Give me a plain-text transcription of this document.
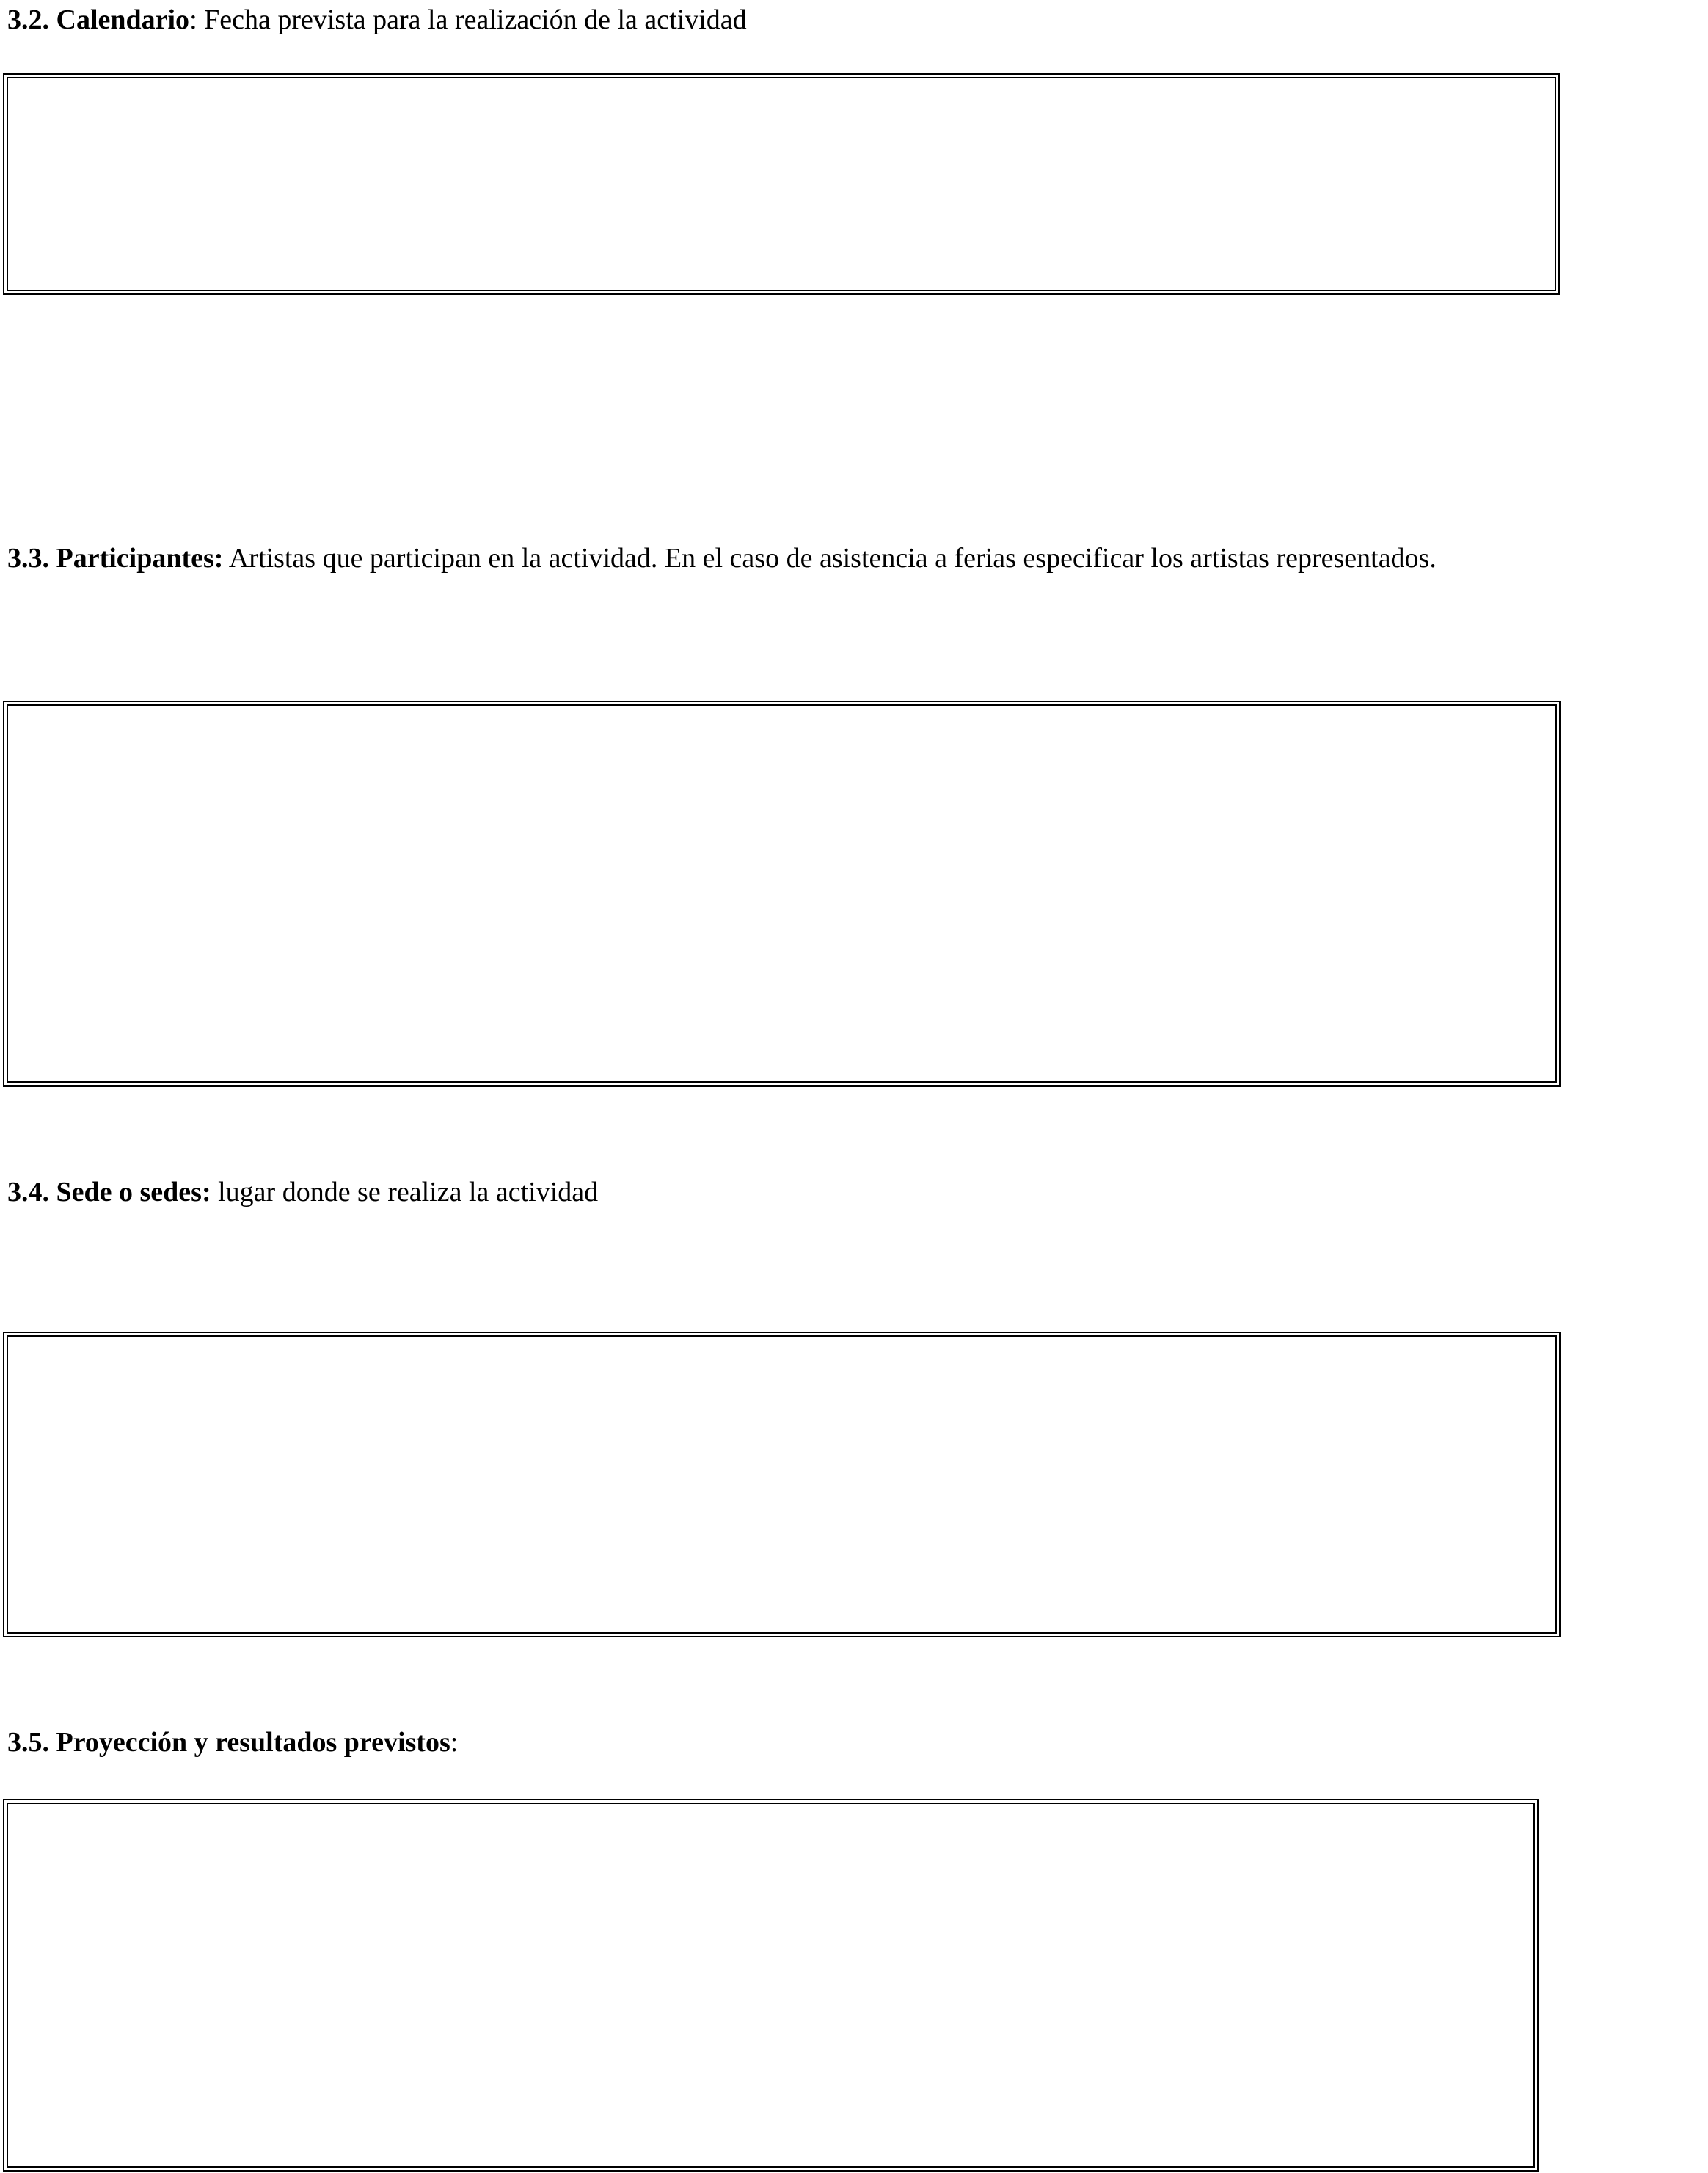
3.2. Calendario: Fecha prevista para la realización de la actividad

3.3. Participantes: Artistas que participan en la actividad. En el caso de asistencia a ferias especificar los artistas representados.

3.4. Sede o sedes: lugar donde se realiza la actividad

3.5. Proyección y resultados previstos:
